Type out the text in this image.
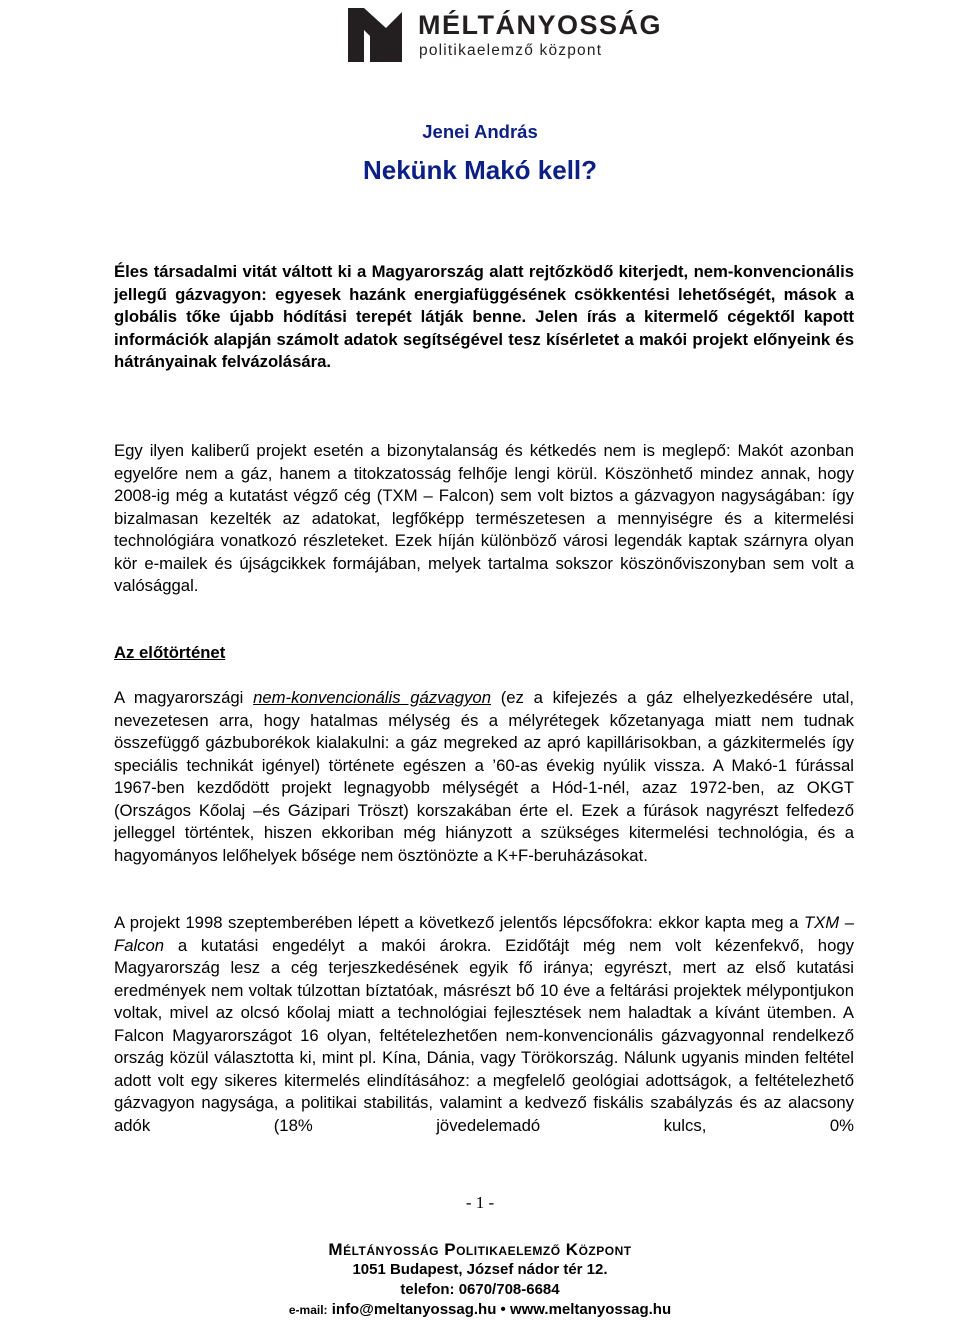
MÉLTÁNYOSSÁG
politikaelemző központ
Jenei András
Nekünk Makó kell?

Éles társadalmi vitát váltott ki a Magyarország alatt rejtőzködő kiterjedt, nem-konvencionális jellegű gázvagyon: egyesek hazánk energiafüggésének csökkentési lehetőségét, mások a globális tőke újabb hódítási terepét látják benne. Jelen írás a kitermelő cégektől kapott információk alapján számolt adatok segítségével tesz kísérletet a makói projekt előnyeink és hátrányainak felvázolására.

Egy ilyen kaliberű projekt esetén a bizonytalanság és kétkedés nem is meglepő: Makót azonban egyelőre nem a gáz, hanem a titokzatosság felhője lengi körül. Köszönhető mindez annak, hogy 2008-ig még a kutatást végző cég (TXM – Falcon) sem volt biztos a gázvagyon nagyságában: így bizalmasan kezelték az adatokat, legfőképp természetesen a mennyiségre és a kitermelési technológiára vonatkozó részleteket. Ezek híján különböző városi legendák kaptak szárnyra olyan kör e-mailek és újságcikkek formájában, melyek tartalma sokszor köszönőviszonyban sem volt a valósággal.

Az előtörténet

A magyarországi nem-konvencionális gázvagyon (ez a kifejezés a gáz elhelyezkedésére utal, nevezetesen arra, hogy hatalmas mélység és a mélyrétegek kőzetanyaga miatt nem tudnak összefüggő gázbuborékok kialakulni: a gáz megreked az apró kapillárisokban, a gázkitermelés így speciális technikát igényel) története egészen a ’60-as évekig nyúlik vissza. A Makó-1 fúrással 1967-ben kezdődött projekt legnagyobb mélységét a Hód-1-nél, azaz 1972-ben, az OKGT (Országos Kőolaj –és Gázipari Tröszt) korszakában érte el. Ezek a fúrások nagyrészt felfedező jelleggel történtek, hiszen ekkoriban még hiányzott a szükséges kitermelési technológia, és a hagyományos lelőhelyek bősége nem ösztönözte a K+F-beruházásokat.

A projekt 1998 szeptemberében lépett a következő jelentős lépcsőfokra: ekkor kapta meg a TXM – Falcon a kutatási engedélyt a makói árokra. Ezidőtájt még nem volt kézenfekvő, hogy Magyarország lesz a cég terjeszkedésének egyik fő iránya; egyrészt, mert az első kutatási eredmények nem voltak túlzottan bíztatóak, másrészt bő 10 éve a feltárási projektek mélypontjukon voltak, mivel az olcsó kőolaj miatt a technológiai fejlesztések nem haladtak a kívánt ütemben. A Falcon Magyarországot 16 olyan, feltételezhetően nem-konvencionális gázvagyonnal rendelkező ország közül választotta ki, mint pl. Kína, Dánia, vagy Törökország. Nálunk ugyanis minden feltétel adott volt egy sikeres kitermelés elindításához: a megfelelő geológiai adottságok, a feltételezhető gázvagyon nagysága, a politikai stabilitás, valamint a kedvező fiskális szabályzás és az alacsony adók (18% jövedelemadó kulcs, 0%

- 1 -
Méltányosság Politikaelemző Központ
1051 Budapest, József nádor tér 12.
telefon: 0670/708-6684
e-mail: info@meltanyossag.hu • www.meltanyossag.hu
